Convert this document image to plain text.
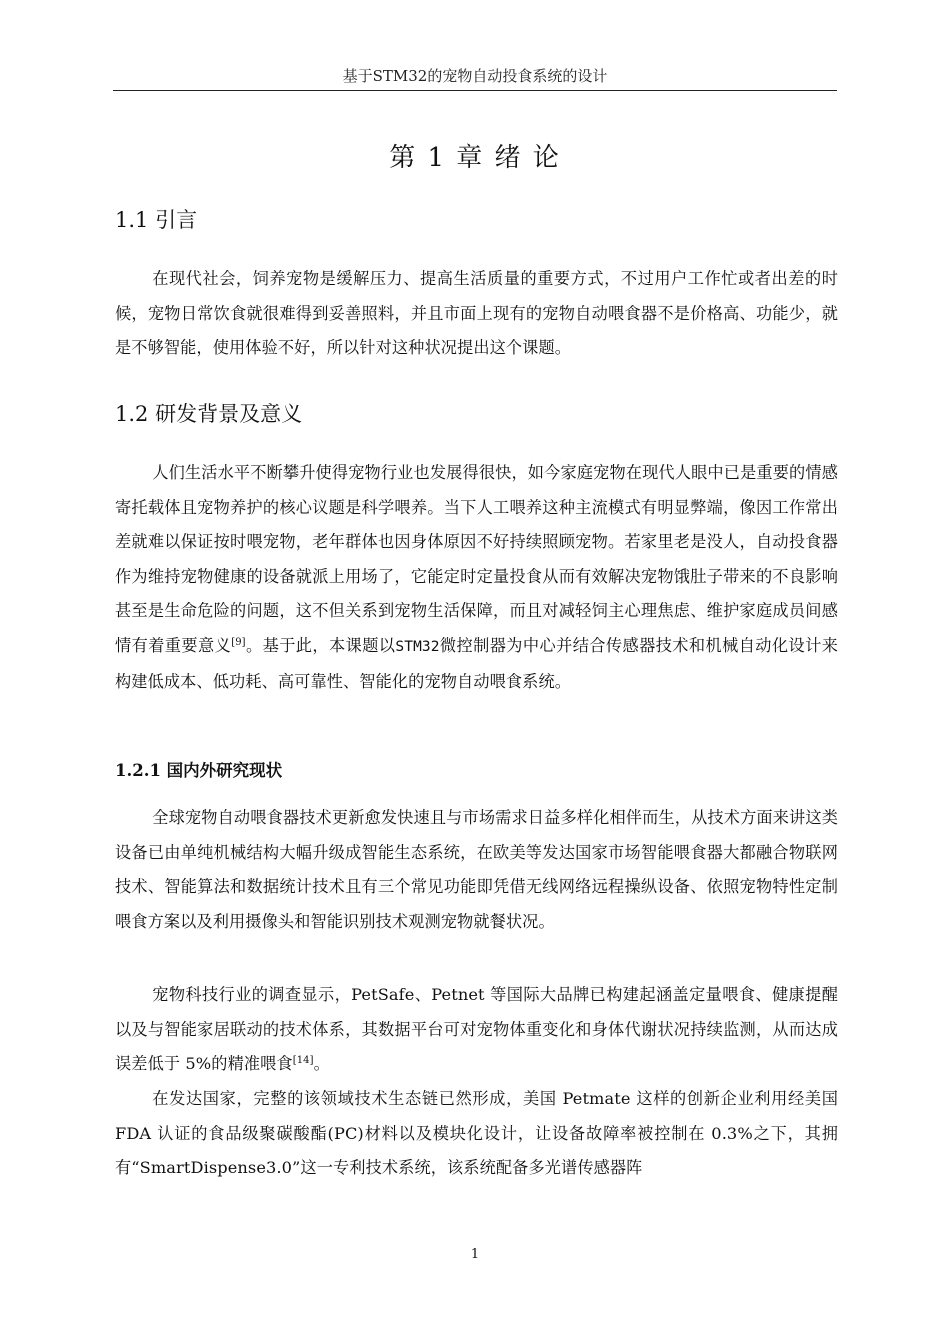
基于STM32的宠物自动投食系统的设计
第 1 章 绪 论
1.1 引言

在现代社会，饲养宠物是缓解压力、提高生活质量的重要方式，不过用户工作忙或者出差的时候，宠物日常饮食就很难得到妥善照料，并且市面上现有的宠物自动喂食器不是价格高、功能少，就是不够智能，使用体验不好，所以针对这种状况提出这个课题。

1.2 研发背景及意义

人们生活水平不断攀升使得宠物行业也发展得很快，如今家庭宠物在现代人眼中已是重要的情感寄托载体且宠物养护的核心议题是科学喂养。当下人工喂养这种主流模式有明显弊端，像因工作常出差就难以保证按时喂宠物，老年群体也因身体原因不好持续照顾宠物。若家里老是没人，自动投食器作为维持宠物健康的设备就派上用场了，它能定时定量投食从而有效解决宠物饿肚子带来的不良影响甚至是生命危险的问题，这不但关系到宠物生活保障，而且对减轻饲主心理焦虑、维护家庭成员间感情有着重要意义[9]。基于此，本课题以STM32微控制器为中心并结合传感器技术和机械自动化设计来构建低成本、低功耗、高可靠性、智能化的宠物自动喂食系统。

1.2.1 国内外研究现状

全球宠物自动喂食器技术更新愈发快速且与市场需求日益多样化相伴而生，从技术方面来讲这类设备已由单纯机械结构大幅升级成智能生态系统，在欧美等发达国家市场智能喂食器大都融合物联网技术、智能算法和数据统计技术且有三个常见功能即凭借无线网络远程操纵设备、依照宠物特性定制喂食方案以及利用摄像头和智能识别技术观测宠物就餐状况。

宠物科技行业的调查显示，PetSafe、Petnet 等国际大品牌已构建起涵盖定量喂食、健康提醒以及与智能家居联动的技术体系，其数据平台可对宠物体重变化和身体代谢状况持续监测，从而达成误差低于 5%的精准喂食[14]。

在发达国家，完整的该领域技术生态链已然形成，美国 Petmate 这样的创新企业利用经美国 FDA 认证的食品级聚碳酸酯(PC)材料以及模块化设计，让设备故障率被控制在 0.3%之下，其拥有“SmartDispense3.0”这一专利技术系统，该系统配备多光谱传感器阵

1
